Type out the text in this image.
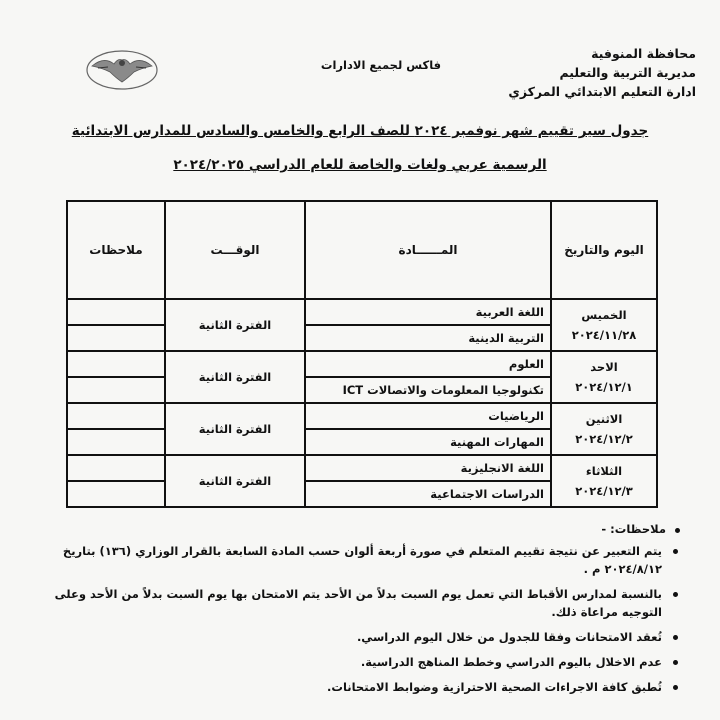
محافظة المنوفية
مديرية التربية والتعليم
ادارة التعليم الابتدائي المركزي
فاكس لجميع الادارات
جدول سير تقييم شهر نوفمبر ٢٠٢٤ للصف الرابع والخامس والسادس للمدارس الابتدائية
الرسمية عربي ولغات والخاصة للعام الدراسي ٢٠٢٤/٢٠٢٥
اليوم والتاريخ	المــــــادة	الوقـــت	ملاحظات

الخميس
٢٠٢٤/١١/٢٨	اللغة العربية	الفترة الثانية	
	التربية الدينية		

الاحد
٢٠٢٤/١٢/١	العلوم	الفترة الثانية	
	تكنولوجيا المعلومات والاتصالات ICT		

الاثنين
٢٠٢٤/١٢/٢	الرياضيات	الفترة الثانية	
	المهارات المهنية		

الثلاثاء
٢٠٢٤/١٢/٣	اللغة الانجليزية	الفترة الثانية	
	الدراسات الاجتماعية		
ملاحظات: -
يتم التعبير عن نتيجة تقييم المتعلم في صورة أربعة ألوان حسب المادة السابعة بالقرار الوزاري (١٣٦) بتاريخ ٢٠٢٤/٨/١٢ م .
بالنسبة لمدارس الأقباط التي تعمل يوم السبت بدلاً من الأحد يتم الامتحان بها يوم السبت بدلاً من الأحد وعلى التوجيه مراعاة ذلك.
تُعقد الامتحانات وفقا للجدول من خلال اليوم الدراسي.
عدم الاخلال باليوم الدراسي وخطط المناهج الدراسية.
تُطبق كافة الاجراءات الصحية الاحترازية وضوابط الامتحانات.
